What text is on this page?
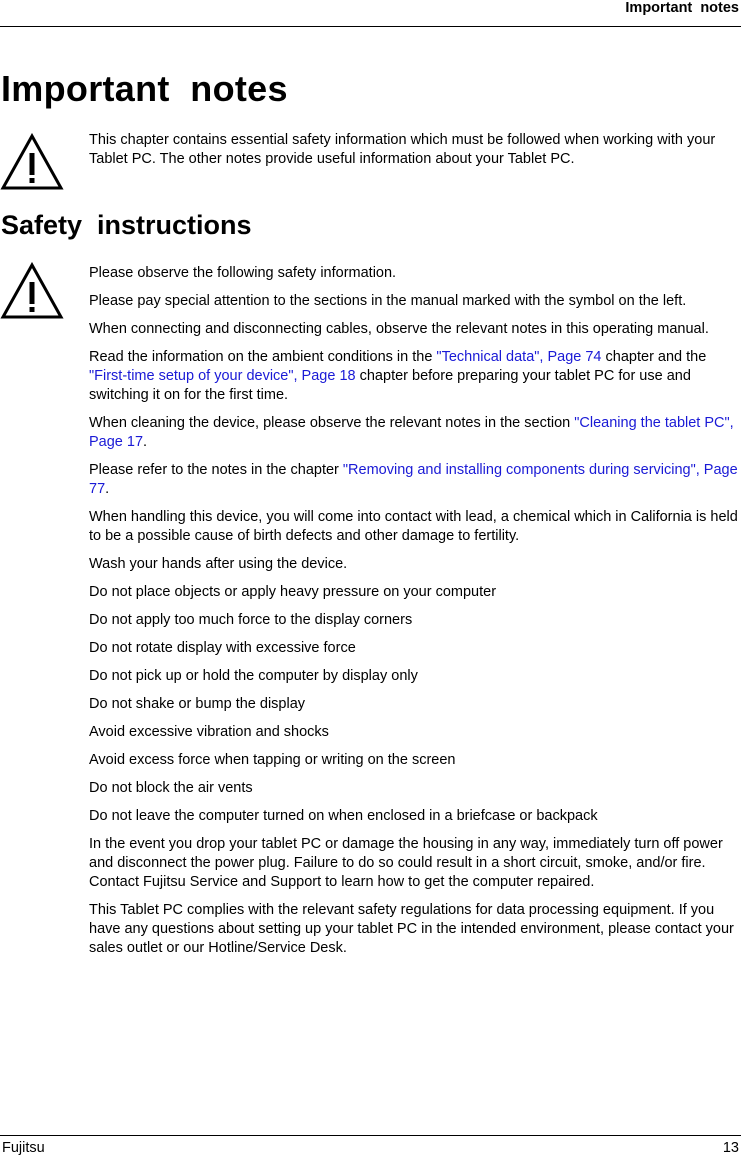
Important  notes
Important  notes

This chapter contains essential safety information which must be followed when working with your Tablet PC. The other notes provide useful information about your Tablet PC.

Safety  instructions

Please observe the following safety information.

Please pay special attention to the sections in the manual marked with the symbol on the left.

When connecting and disconnecting cables, observe the relevant notes in this operating manual.

Read the information on the ambient conditions in the "Technical data", Page 74 chapter and the "First-time setup of your device", Page 18 chapter before preparing your tablet PC for use and switching it on for the first time.

When cleaning the device, please observe the relevant notes in the section "Cleaning the tablet PC", Page 17.

Please refer to the notes in the chapter "Removing and installing components during servicing", Page 77.

When handling this device, you will come into contact with lead, a chemical which in California is held to be a possible cause of birth defects and other damage to fertility.

Wash your hands after using the device.

Do not place objects or apply heavy pressure on your computer

Do not apply too much force to the display corners

Do not rotate display with excessive force

Do not pick up or hold the computer by display only

Do not shake or bump the display

Avoid excessive vibration and shocks

Avoid excess force when tapping or writing on the screen

Do not block the air vents

Do not leave the computer turned on when enclosed in a briefcase or backpack

In the event you drop your tablet PC or damage the housing in any way, immediately turn off power and disconnect the power plug. Failure to do so could result in a short circuit, smoke, and/or fire. Contact Fujitsu Service and Support to learn how to get the computer repaired.

This Tablet PC complies with the relevant safety regulations for data processing equipment. If you have any questions about setting up your tablet PC in the intended environment, please contact your sales outlet or our Hotline/Service Desk.

Fujitsu	13
